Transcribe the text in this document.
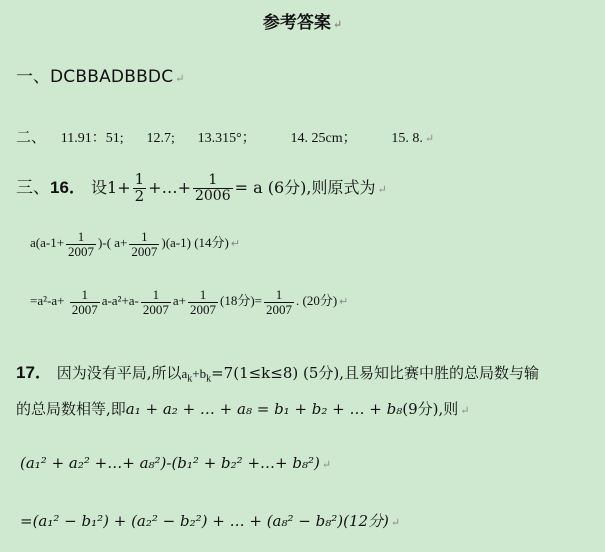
参考答案 ↵
一、DCBBADBBDC ↵
二、 11.91：51; 12.7; 13.315°； 14. 25cm； 15. 8. ↵
三、16． 设$1+ \frac{1}{2}$ +…+ $\frac{1}{2006} = a$ (6分),则原式为 ↵
$a(a-1+ \frac{1}{2007}$ )-( $a+ \frac{1}{2007} )(a-1)$ (14分) ↵
$=a^2-a+ \frac{1}{2007} a-a^2+a- \frac{1}{2007} a+ \frac{1}{2007} (18$分)= $\frac{1}{2007}$ . (20分) ↵
17． 因为没有平局,所以$a_k+b_k=7(1\le k\le 8)$ (5分),且易知比赛中胜的总局数与输
的总局数相等,即a₁ + a₂ + … + a₈ = b₁ + b₂ + … + b₈(9分),则 ↵
(a₁² + a₂² +…+ a₈²)-(b₁² + b₂² +…+ b₈²) ↵
=(a₁² − b₁²) + (a₂² − b₂²) + … + (a₈² − b₈²)(12分) ↵
